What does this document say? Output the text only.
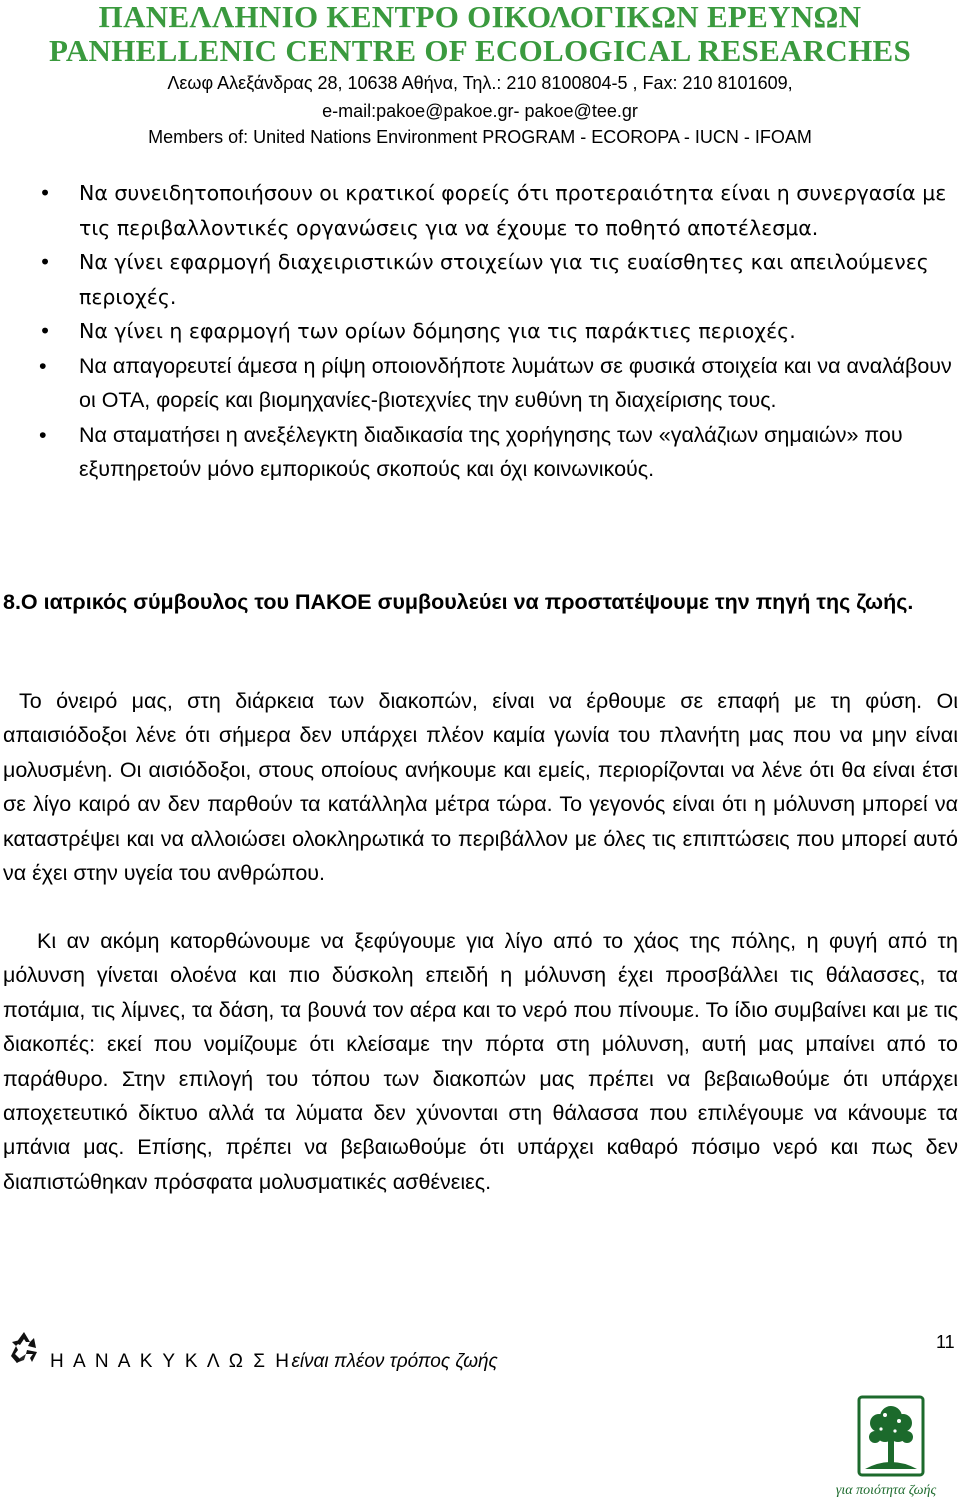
ΠΑΝΕΛΛΗΝΙΟ ΚΕΝΤΡΟ ΟΙΚΟΛΟΓΙΚΩΝ ΕΡΕΥΝΩΝ
PANHELLENIC CENTRE OF ECOLOGICAL RESEARCHES
Λεωφ Αλεξάνδρας 28, 10638 Αθήνα, Τηλ.: 210 8100804-5 , Fax: 210 8101609,
e-mail:pakoe@pakoe.gr- pakoe@tee.gr
Members of: United Nations Environment PROGRAM - ECOROPA - IUCN - IFOAM
• Να συνειδητοποιήσουν οι κρατικοί φορείς ότι προτεραιότητα είναι η συνεργασία με τις περιβαλλοντικές οργανώσεις για να έχουμε το ποθητό αποτέλεσμα.
• Να γίνει εφαρμογή διαχειριστικών στοιχείων για τις ευαίσθητες και απειλούμενες περιοχές.
• Να γίνει η εφαρμογή των ορίων δόμησης για τις παράκτιες περιοχές.
• Να απαγορευτεί άμεσα η ρίψη οποιονδήποτε λυμάτων σε φυσικά στοιχεία και να αναλάβουν οι ΟΤΑ, φορείς και βιομηχανίες-βιοτεχνίες την ευθύνη τη διαχείρισης τους.
• Να σταματήσει η ανεξέλεγκτη διαδικασία της χορήγησης των «γαλάζιων σημαιών» που εξυπηρετούν μόνο εμπορικούς σκοπούς και όχι κοινωνικούς.
8.Ο ιατρικός σύμβουλος του ΠΑΚΟΕ συμβουλεύει να προστατέψουμε την πηγή της ζωής.
Το όνειρό μας, στη διάρκεια των διακοπών, είναι να έρθουμε σε επαφή με τη φύση. Οι απαισιόδοξοι λένε ότι σήμερα δεν υπάρχει πλέον καμία γωνία του πλανήτη μας που να μην είναι μολυσμένη. Οι αισιόδοξοι, στους οποίους ανήκουμε και εμείς, περιορίζονται να λένε ότι θα είναι έτσι σε λίγο καιρό αν δεν παρθούν τα κατάλληλα μέτρα τώρα. Το γεγονός είναι ότι η μόλυνση μπορεί να καταστρέψει και να αλλοιώσει ολοκληρωτικά το περιβάλλον με όλες τις επιπτώσεις που μπορεί αυτό να έχει στην υγεία του ανθρώπου.
Κι αν ακόμη κατορθώνουμε να ξεφύγουμε για λίγο από το χάος της πόλης, η φυγή από τη μόλυνση γίνεται ολοένα και πιο δύσκολη επειδή η μόλυνση έχει προσβάλλει τις θάλασσες, τα ποτάμια, τις λίμνες, τα δάση, τα βουνά τον αέρα και το νερό που πίνουμε. Το ίδιο συμβαίνει και με τις διακοπές: εκεί που νομίζουμε ότι κλείσαμε την πόρτα στη μόλυνση, αυτή μας μπαίνει από το παράθυρο. Στην επιλογή του τόπου των διακοπών μας πρέπει να βεβαιωθούμε ότι υπάρχει αποχετευτικό δίκτυο αλλά τα λύματα δεν χύνονται στη θάλασσα που επιλέγουμε να κάνουμε τα μπάνια μας. Επίσης, πρέπει να βεβαιωθούμε ότι υπάρχει καθαρό πόσιμο νερό και πως δεν διαπιστώθηκαν πρόσφατα μολυσματικές ασθένειες.
Η Α Ν Α Κ Υ Κ Λ Ω Σ Ηείναι πλέον τρόπος ζωής
11
για ποιότητα ζωής
